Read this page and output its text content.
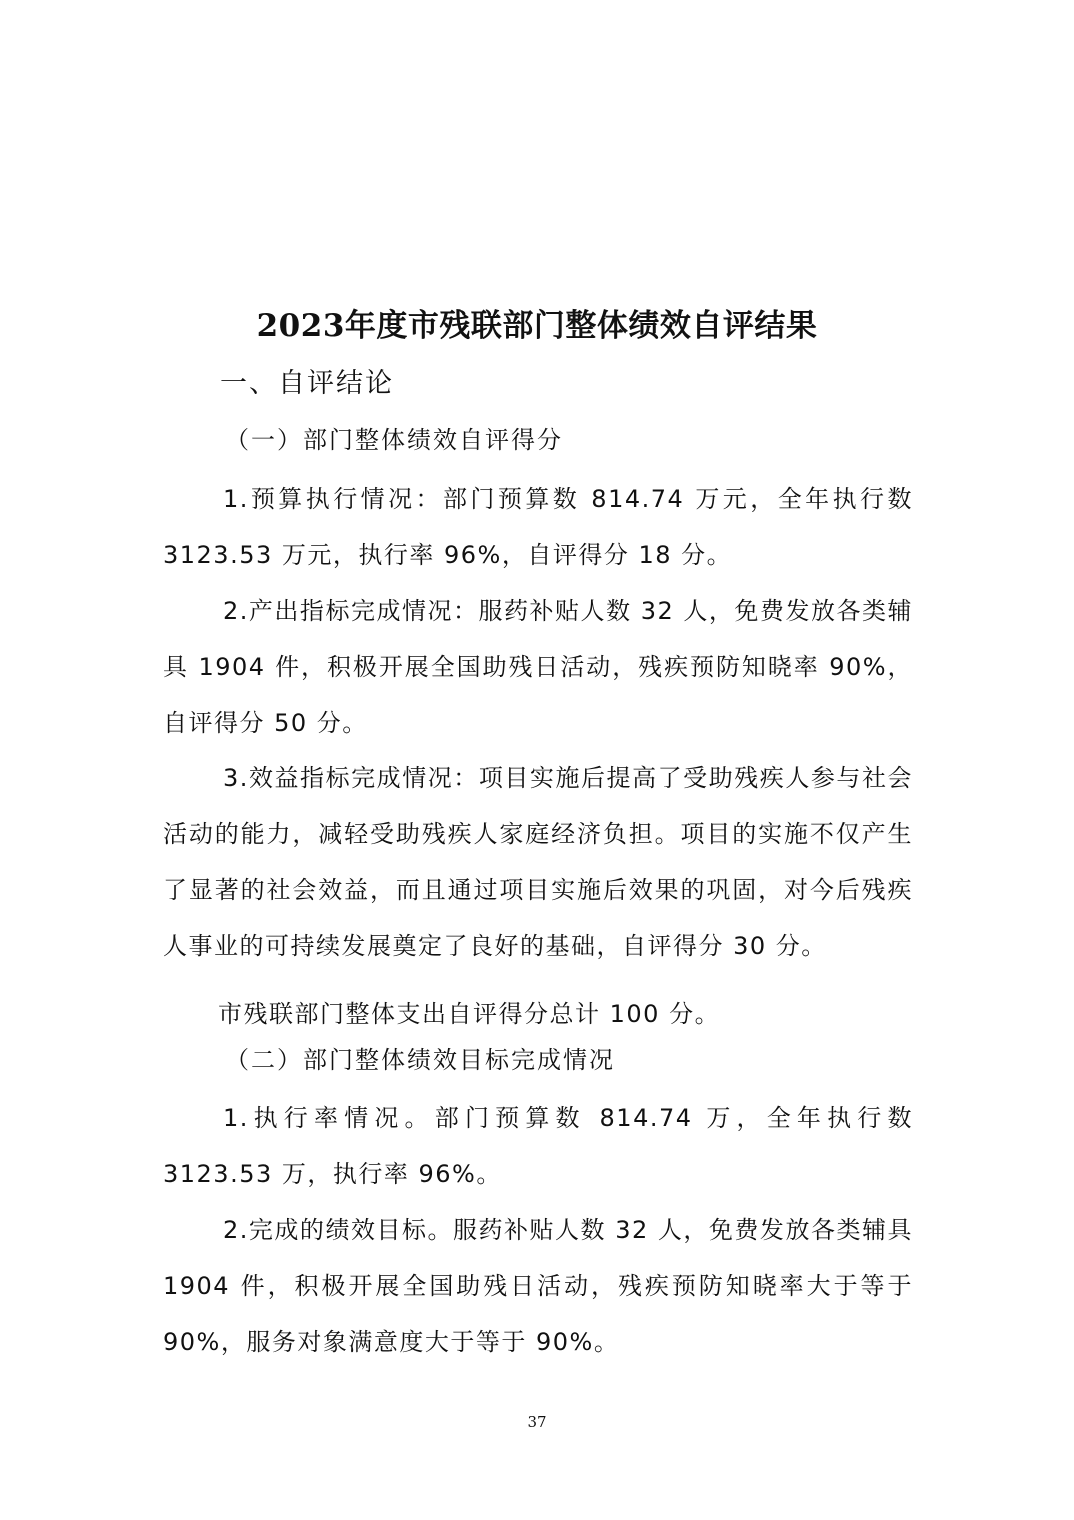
2023年度市残联部门整体绩效自评结果
一、自评结论
（一）部门整体绩效自评得分
1.预算执行情况：部门预算数 814.74 万元，全年执行数 3123.53 万元，执行率 96%，自评得分 18 分。
2.产出指标完成情况：服药补贴人数 32 人，免费发放各类辅具 1904 件，积极开展全国助残日活动，残疾预防知晓率 90%，自评得分 50 分。
3.效益指标完成情况：项目实施后提高了受助残疾人参与社会活动的能力，减轻受助残疾人家庭经济负担。项目的实施不仅产生了显著的社会效益，而且通过项目实施后效果的巩固，对今后残疾人事业的可持续发展奠定了良好的基础，自评得分 30 分。
市残联部门整体支出自评得分总计 100 分。
（二）部门整体绩效目标完成情况
1.执行率情况。部门预算数 814.74 万，全年执行数 3123.53 万，执行率 96%。
2.完成的绩效目标。服药补贴人数 32 人，免费发放各类辅具 1904 件，积极开展全国助残日活动，残疾预防知晓率大于等于 90%，服务对象满意度大于等于 90%。
37
